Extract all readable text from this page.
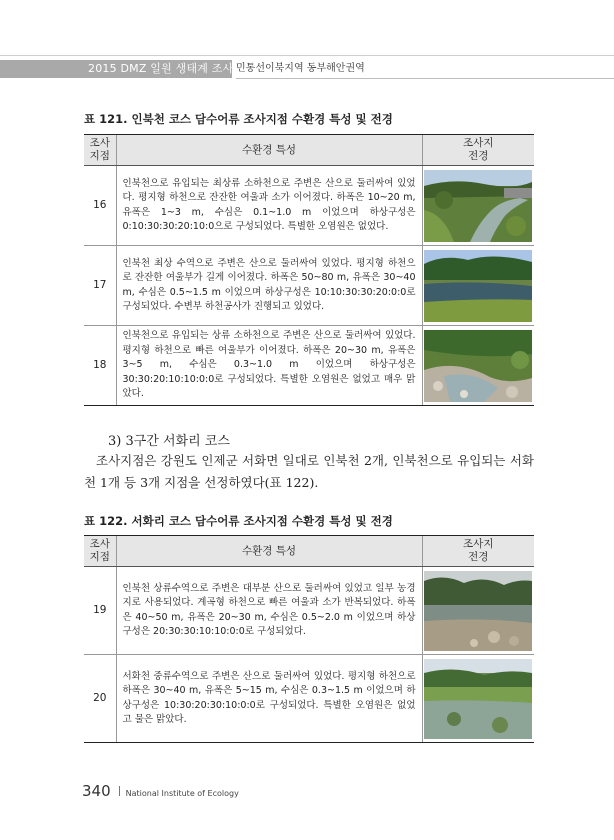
2015 DMZ 일원 생태계 조사 민통선이북지역 동부해안권역
표 121. 인북천 코스 담수어류 조사지점 수환경 특성 및 전경
조사
지점	수환경 특성	조사지
전경
16	인북천으로 유입되는 최상류 소하천으로 주변은 산으로 둘러싸여 있었다. 평지형 하천으로 잔잔한 여울과 소가 이어졌다. 하폭은 10~20 m, 유폭은 1~3 m, 수심은 0.1~1.0 m 이었으며 하상구성은 0:10:30:30:20:10:0으로 구성되었다. 특별한 오염원은 없었다.	

17	인북천 최상 수역으로 주변은 산으로 둘러싸여 있었다. 평지형 하천으로 잔잔한 여울부가 길게 이어졌다. 하폭은 50~80 m, 유폭은 30~40 m, 수심은 0.5~1.5 m 이었으며 하상구성은 10:10:30:30:20:0:0로 구성되었다. 수변부 하천공사가 진행되고 있었다.	

18	인북천으로 유입되는 상류 소하천으로 주변은 산으로 둘러싸여 있었다. 평지형 하천으로 빠른 여울부가 이어졌다. 하폭은 20~30 m, 유폭은 3~5 m, 수심은 0.3~1.0 m 이었으며 하상구성은 30:30:20:10:10:0:0로 구성되었다. 특별한 오염원은 없었고 매우 맑았다.	
3) 3구간 서화리 코스
조사지점은 강원도 인제군 서화면 일대로 인북천 2개, 인북천으로 유입되는 서화천 1개 등 3개 지점을 선정하였다(표 122).
표 122. 서화리 코스 담수어류 조사지점 수환경 특성 및 전경
조사
지점	수환경 특성	조사지
전경
19	인북천 상류수역으로 주변은 대부분 산으로 둘러싸여 있었고 일부 농경지로 사용되었다. 계곡형 하천으로 빠른 여울과 소가 반복되었다. 하폭은 40~50 m, 유폭은 20~30 m, 수심은 0.5~2.0 m 이었으며 하상구성은 20:30:30:10:10:0:0로 구성되었다.	

20	서화천 중류수역으로 주변은 산으로 둘러싸여 있었다. 평지형 하천으로 하폭은 30~40 m, 유폭은 5~15 m, 수심은 0.3~1.5 m 이었으며 하상구성은 10:30:20:30:10:0:0로 구성되었다. 특별한 오염원은 없었고 물은 맑았다.	
340 National Institute of Ecology
